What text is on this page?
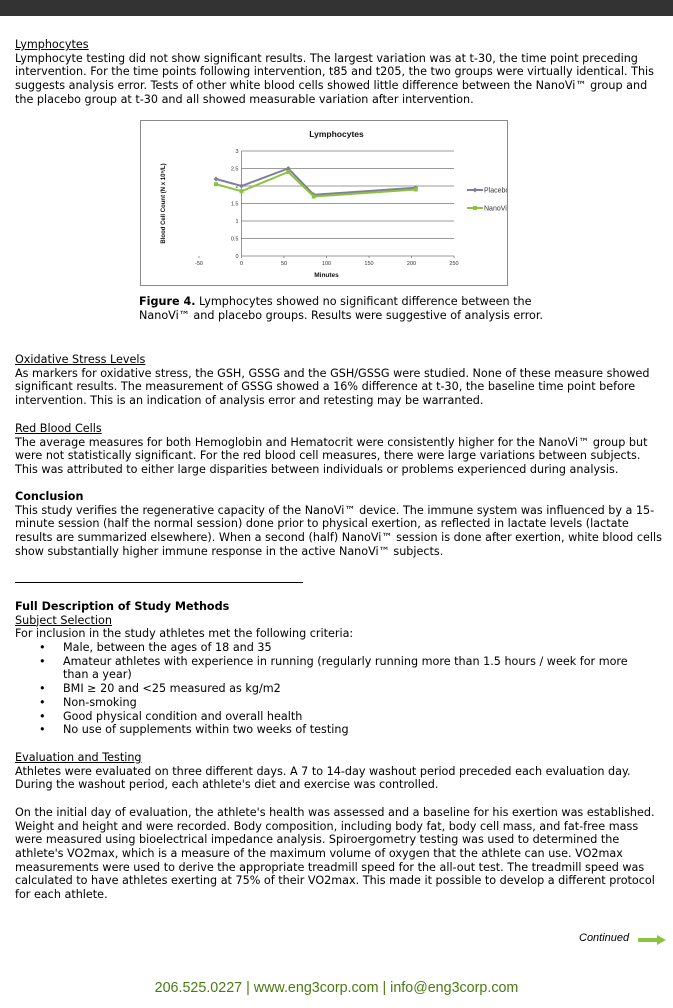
Lymphocytes
Lymphocyte testing did not show significant results. The largest variation was at t-30, the time point preceding intervention. For the time points following intervention, t85 and t205, the two groups were virtually identical. This suggests analysis error. Tests of other white blood cells showed little difference between the NanoVi™ group and the placebo group at t-30 and all showed measurable variation after intervention.
0
0.5
1
1.5
2
2.5
3
-50	0	50	100	150	200	250
Lymphocytes
Minutes
Blood Cell Count (N x 10⁹/L)	Placebo
NanoVi
Figure 4. Lymphocytes showed no significant difference between the NanoVi™ and placebo groups. Results were suggestive of analysis error.
Oxidative Stress Levels
As markers for oxidative stress, the GSH, GSSG and the GSH/GSSG were studied. None of these measure showed significant results. The measurement of GSSG showed a 16% difference at t-30, the baseline time point before intervention. This is an indication of analysis error and retesting may be warranted.
Red Blood Cells
The average measures for both Hemoglobin and Hematocrit were consistently higher for the NanoVi™ group but were not statistically significant. For the red blood cell measures, there were large variations between subjects. This was attributed to either large disparities between individuals or problems experienced during analysis.
Conclusion
This study verifies the regenerative capacity of the NanoVi™ device. The immune system was influenced by a 15-minute session (half the normal session) done prior to physical exertion, as reflected in lactate levels (lactate results are summarized elsewhere). When a second (half) NanoVi™ session is done after exertion, white blood cells show substantially higher immune response in the active NanoVi™ subjects.
Full Description of Study Methods
Subject Selection
For inclusion in the study athletes met the following criteria:
• Male, between the ages of 18 and 35
• Amateur athletes with experience in running (regularly running more than 1.5 hours / week for more than a year)
• BMI ≥ 20 and <25 measured as kg/m2
• Non-smoking
• Good physical condition and overall health
• No use of supplements within two weeks of testing
Evaluation and Testing
Athletes were evaluated on three different days. A 7 to 14-day washout period preceded each evaluation day. During the washout period, each athlete's diet and exercise was controlled.
On the initial day of evaluation, the athlete's health was assessed and a baseline for his exertion was established. Weight and height and were recorded. Body composition, including body fat, body cell mass, and fat-free mass were measured using bioelectrical impedance analysis. Spiroergometry testing was used to determined the athlete's VO2max, which is a measure of the maximum volume of oxygen that the athlete can use. VO2max measurements were used to derive the appropriate treadmill speed for the all-out test. The treadmill speed was calculated to have athletes exerting at 75% of their VO2max. This made it possible to develop a different protocol for each athlete.
Continued
206.525.0227 | www.eng3corp.com | info@eng3corp.com
